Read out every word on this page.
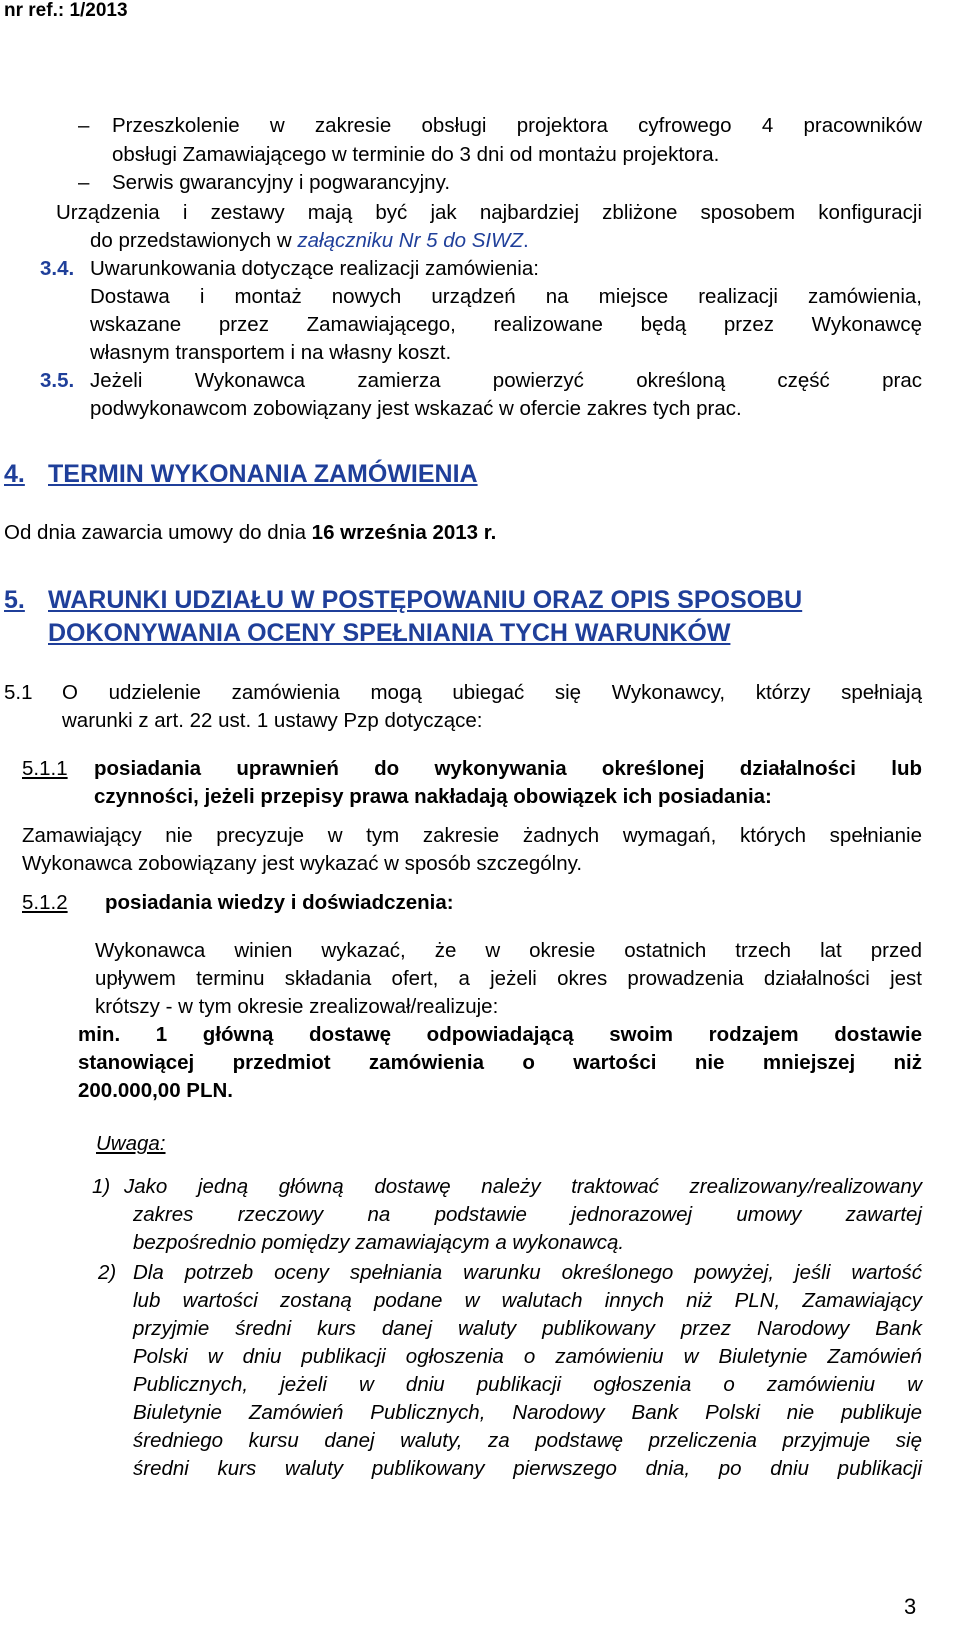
nr ref.: 1/2013
– Przeszkolenie w zakresie obsługi projektora cyfrowego 4 pracowników
obsługi Zamawiającego w terminie do 3 dni od montażu projektora.
– Serwis gwarancyjny i pogwarancyjny.
Urządzenia i zestawy mają być jak najbardziej zbliżone sposobem konfiguracji
do przedstawionych w załączniku Nr 5 do SIWZ.
3.4. Uwarunkowania dotyczące realizacji zamówienia:
Dostawa i montaż nowych urządzeń na miejsce realizacji zamówienia,
wskazane przez Zamawiającego, realizowane będą przez Wykonawcę
własnym transportem i na własny koszt.
3.5. Jeżeli Wykonawca zamierza powierzyć określoną część prac
podwykonawcom zobowiązany jest wskazać w ofercie zakres tych prac.
4. TERMIN WYKONANIA ZAMÓWIENIA
Od dnia zawarcia umowy do dnia 16 września 2013 r.
5. WARUNKI UDZIAŁU W POSTĘPOWANIU ORAZ OPIS SPOSOBU
DOKONYWANIA OCENY SPEŁNIANIA TYCH WARUNKÓW
5.1 O udzielenie zamówienia mogą ubiegać się Wykonawcy, którzy spełniają
warunki z art. 22 ust. 1 ustawy Pzp dotyczące:
5.1.1 posiadania uprawnień do wykonywania określonej działalności lub
czynności, jeżeli przepisy prawa nakładają obowiązek ich posiadania:
Zamawiający nie precyzuje w tym zakresie żadnych wymagań, których spełnianie
Wykonawca zobowiązany jest wykazać w sposób szczególny.
5.1.2 posiadania wiedzy i doświadczenia:
Wykonawca winien wykazać, że w okresie ostatnich trzech lat przed
upływem terminu składania ofert, a jeżeli okres prowadzenia działalności jest
krótszy - w tym okresie zrealizował/realizuje:
min. 1 główną dostawę odpowiadającą swoim rodzajem dostawie
stanowiącej przedmiot zamówienia o wartości nie mniejszej niż
200.000,00 PLN.
Uwaga:
1) Jako jedną główną dostawę należy traktować zrealizowany/realizowany
zakres rzeczowy na podstawie jednorazowej umowy zawartej
bezpośrednio pomiędzy zamawiającym a wykonawcą.
2) Dla potrzeb oceny spełniania warunku określonego powyżej, jeśli wartość
lub wartości zostaną podane w walutach innych niż PLN, Zamawiający
przyjmie średni kurs danej waluty publikowany przez Narodowy Bank
Polski w dniu publikacji ogłoszenia o zamówieniu w Biuletynie Zamówień
Publicznych, jeżeli w dniu publikacji ogłoszenia o zamówieniu w
Biuletynie Zamówień Publicznych, Narodowy Bank Polski nie publikuje
średniego kursu danej waluty, za podstawę przeliczenia przyjmuje się
średni kurs waluty publikowany pierwszego dnia, po dniu publikacji
3
